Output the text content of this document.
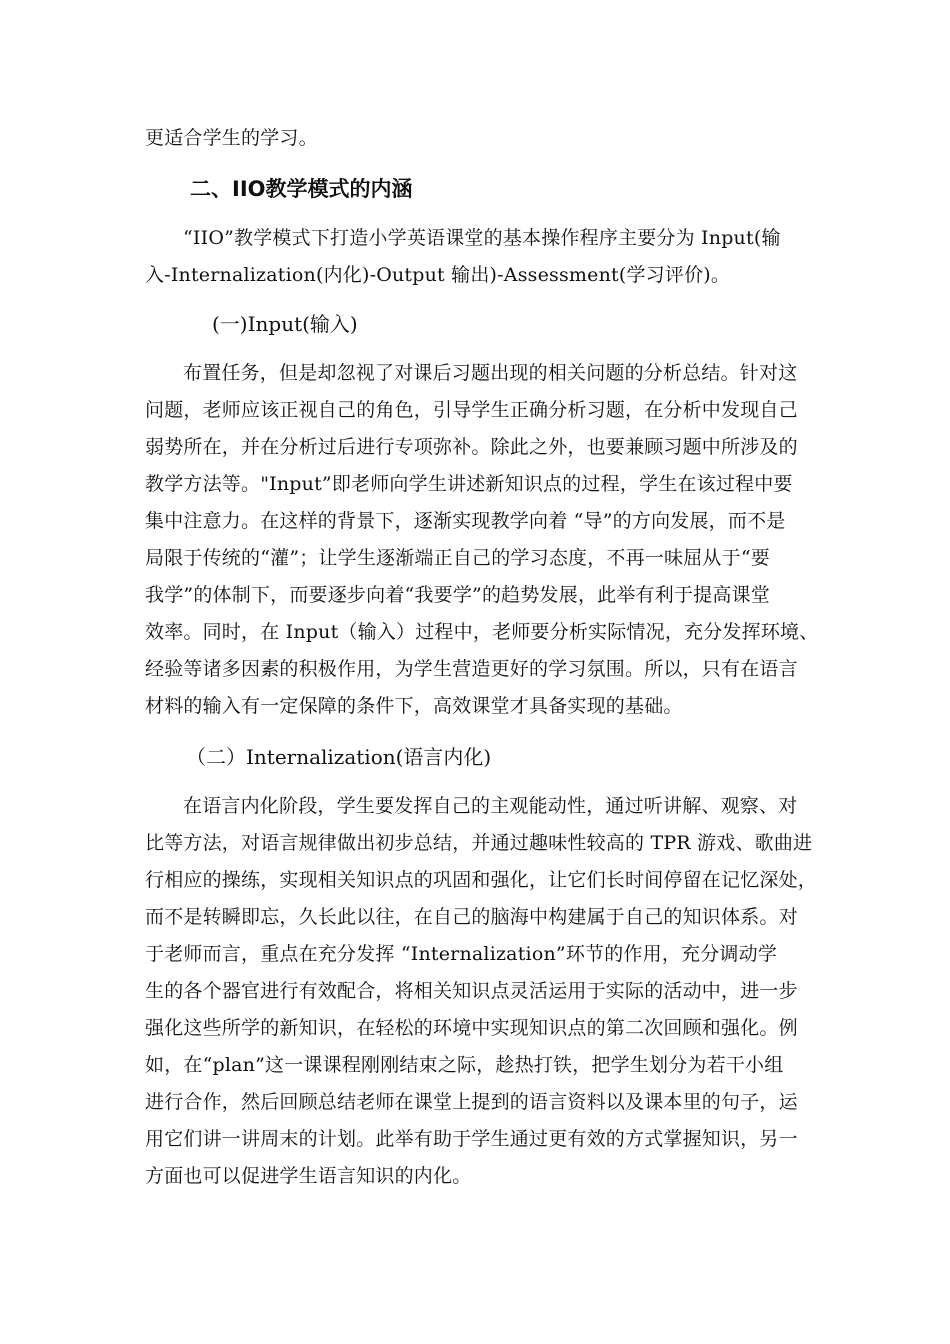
更适合学生的学习。
二、IIO教学模式的内涵
“IIO”教学模式下打造小学英语课堂的基本操作程序主要分为 Input(输
入-Internalization(内化)-Output 输出)-Assessment(学习评价)。
(一)Input(输入)
布置任务，但是却忽视了对课后习题出现的相关问题的分析总结。针对这
问题，老师应该正视自己的角色，引导学生正确分析习题，在分析中发现自己
弱势所在，并在分析过后进行专项弥补。除此之外，也要兼顾习题中所涉及的
教学方法等。"Input”即老师向学生讲述新知识点的过程，学生在该过程中要
集中注意力。在这样的背景下，逐渐实现教学向着 “导”的方向发展，而不是
局限于传统的“灌”；让学生逐渐端正自己的学习态度，不再一味屈从于“要
我学”的体制下，而要逐步向着“我要学”的趋势发展，此举有利于提高课堂
效率。同时，在 Input（输入）过程中，老师要分析实际情况，充分发挥环境、
经验等诸多因素的积极作用，为学生营造更好的学习氛围。所以，只有在语言
材料的输入有一定保障的条件下，高效课堂才具备实现的基础。
（二）Internalization(语言内化)
在语言内化阶段，学生要发挥自己的主观能动性，通过听讲解、观察、对
比等方法，对语言规律做出初步总结，并通过趣味性较高的 TPR 游戏、歌曲进
行相应的操练，实现相关知识点的巩固和强化，让它们长时间停留在记忆深处，
而不是转瞬即忘，久长此以往，在自己的脑海中构建属于自己的知识体系。对
于老师而言，重点在充分发挥 “Internalization”环节的作用，充分调动学
生的各个器官进行有效配合，将相关知识点灵活运用于实际的活动中，进一步
强化这些所学的新知识，在轻松的环境中实现知识点的第二次回顾和强化。例
如，在“plan”这一课课程刚刚结束之际，趁热打铁，把学生划分为若干小组
进行合作，然后回顾总结老师在课堂上提到的语言资料以及课本里的句子，运
用它们讲一讲周末的计划。此举有助于学生通过更有效的方式掌握知识，另一
方面也可以促进学生语言知识的内化。
